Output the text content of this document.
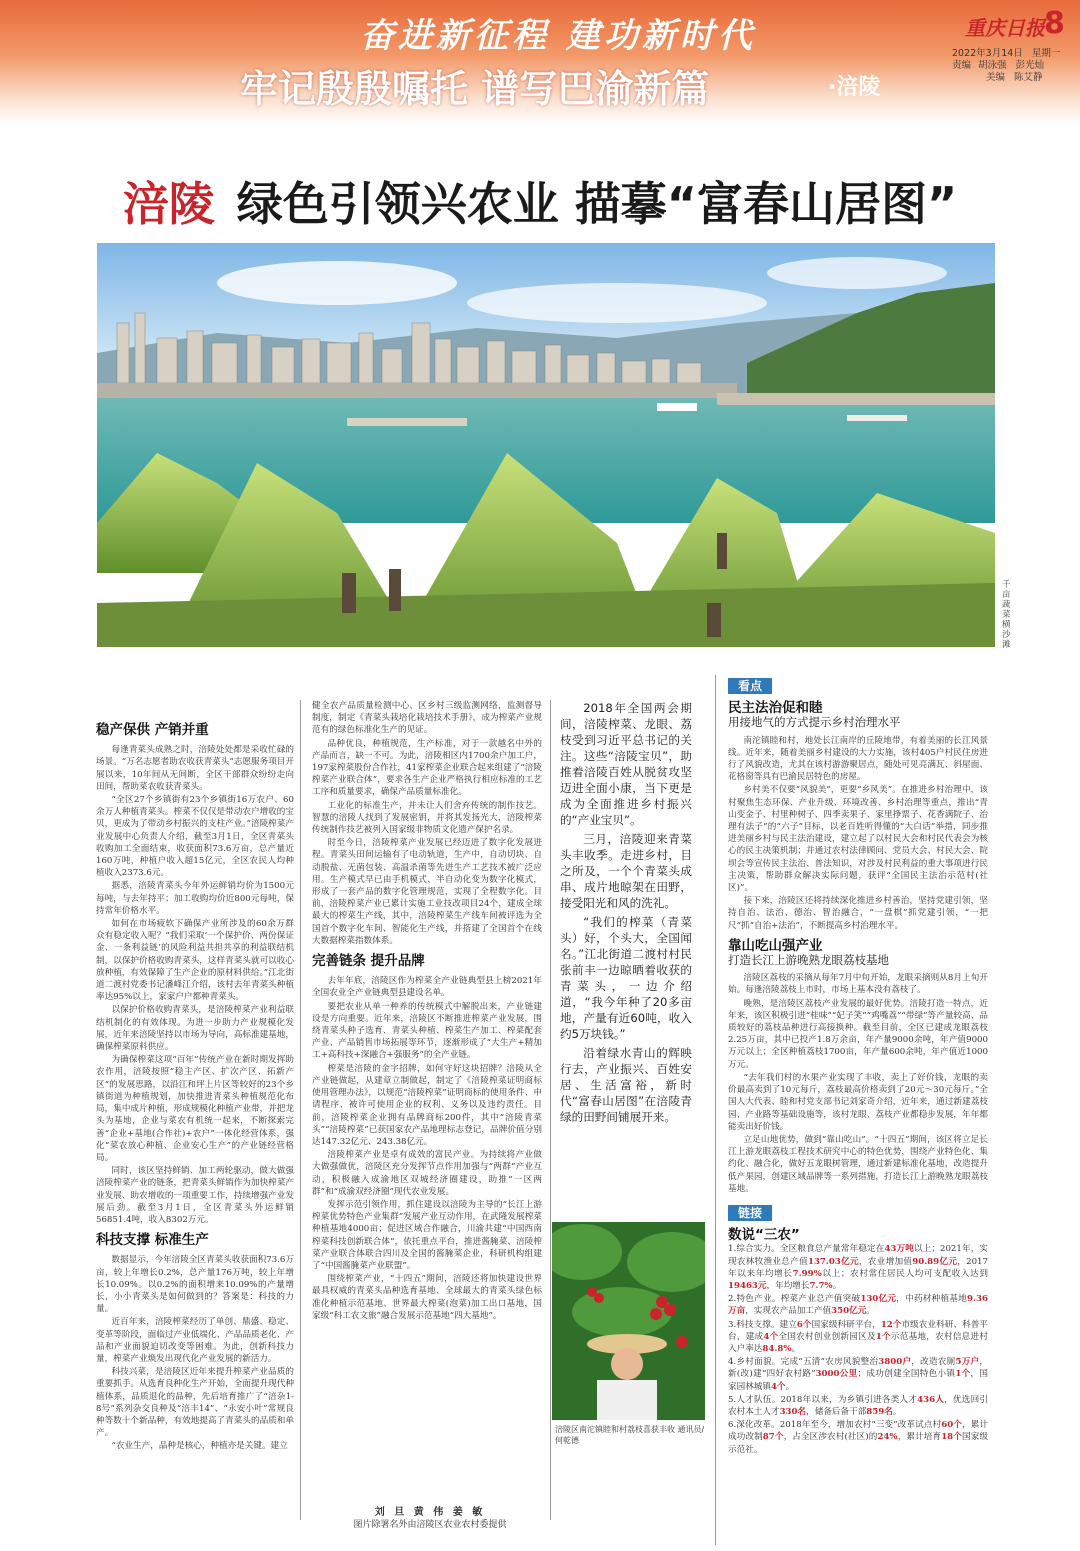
奋进新征程 建功新时代
牢记殷殷嘱托 谱写巴渝新篇	·涪陵
重庆日报 8
2022年3月14日 星期一
责编 胡泳强 彭光灿
美编 陈艾静
涪陵 绿色引领兴农业 描摹“富春山居图”
千亩蔬菜横沙滩
稳产保供 产销并重

每逢青菜头成熟之时，涪陵处处都是采收忙碌的场景。“万名志愿者助农收获青菜头”志愿服务项目开展以来，10年间从无间断，全区干部群众纷纷走向田间，帮助菜农收获青菜头。

“全区27个乡镇街有23个乡镇街16万农户、60余万人种植青菜头。榨菜不仅仅是带动农户增收的宝贝，更成为了带动乡村振兴的支柱产业。”涪陵榨菜产业发展中心负责人介绍，截至3月1日，全区青菜头收购加工全面结束，收获面积73.6万亩，总产量近160万吨，种植户收入超15亿元，全区农民人均种植收入2373.6元。

据悉，涪陵青菜头今年外运鲜销均价为1500元每吨，与去年持平；加工收购均价近800元每吨，保持常年价格水平。

如何在市场疲软下确保产业所涉及的60余万群众有稳定收入呢？“我们采取‘一个保护价、两份保证金、一条利益链’的风险利益共担共享的利益联结机制，以保护价格收购青菜头，这样青菜头就可以收心放种植，有效保障了生产企业的原材料供给。”江北街道二渡村党委书记潘峰江介绍，该村去年青菜头种植率达95%以上，家家户户都种青菜头。

以保护价格收购青菜头，是涪陵榨菜产业利益联结机制化的有效体现。为进一步助力产业规模化发展，近年来涪陵坚持以市场为导向，高标准建基地，确保榨菜原料供应。

为确保榨菜这项“百年”传统产业在新时期发挥助农作用，涪陵按照“稳主产区、扩次产区、拓新产区”的发展思路，以沿江和坪上片区等较好的23个乡镇街道为种植规划，加快推进青菜头种植规范化布局，集中成片种植，形成规模化种植产业带，并把龙头为基地，企业与菜农有机统一起来，不断探索完善“企业+基地(合作社)+农户”一体化经营体系，强化“菜农放心种植、企业安心生产”的产业链经营格局。

同时，该区坚持鲜销、加工两轮驱动，做大做强涪陵榨菜产业的链条，把青菜头鲜销作为加快榨菜产业发展、助农增收的一项重要工作，持续增强产业发展后劲。截至3月1日，全区青菜头外运鲜销56851.4吨，收入8302万元。

科技支撑 标准生产

数据显示，今年涪陵全区青菜头收获面积73.6万亩，较上年增长0.2%，总产量176万吨，较上年增长10.09%。以0.2%的面积增来10.09%的产量增长，小小青菜头是如何做到的？答案是：科技的力量。

近百年来，涪陵榨菜经历了单创、鼎盛、稳定、变革等阶段，面临过产业低端化、产品品质老化、产品和产业面貌迫切改变等困难。为此，创新科技力量，榨菜产业焕发出现代化产业发展的新活力。

科技兴菜，是涪陵区近年来提升榨菜产业品质的重要抓手。从选育良种化生产开始，全面提升现代种植体系，品质退化的品种，先后培育推广了“涪杂1-8号”系列杂交良种及“涪丰14”、“永安小叶”常规良种等数十个新品种，有效地提高了青菜头的品质和单产。

“农业生产，品种是核心，种植亦是关键。建立

健全农产品质量检测中心、区乡村三级监测网络，监测督导制度，制定《青菜头栽培化栽培技术手册》，成为榨菜产业规范有的绿色标准化生产的见证。

品种优良，种植规范，生产标准，对于一款越名中外的产品而言，缺一不可。为此，涪陵相区内1700余户加工户，197家榨菜股份合作社，41家榨菜企业联合起来组建了“涪陵榨菜产业联合体”，要求各生产企业严格执行相应标准的工艺工序和质量要求，确保产品质量标准化。

工业化的标准生产，并未让人们舍弃传统的制作技艺。智慧的涪陵人找到了发展密钥，并将其发扬光大，涪陵榨菜传统制作技艺被列入国家级非物质文化遗产保护名录。

时至今日，涪陵榨菜产业发展已经迈进了数字化发展进程。青菜头田间运输有了电动轨道，生产中，自动切块、自动脱盐、无菌包装、高温杀菌等先进生产工艺技术被广泛应用。生产模式早已由手机模式、半自动化变为数字化模式，形成了一套产品的数字化管理规范，实现了全程数字化。目前，涪陵榨菜产业已累计实施工业技改项目24个，建成全球最大的榨菜生产线，其中，涪陵榨菜生产线车间被评选为全国首个数字化车间、智能化生产线，并搭建了全国首个在线大数据榨菜指数体系。

完善链条 提升品牌

去年年底，涪陵区作为榨菜全产业链典型县上榜2021年全国农业全产业链典型县建设名单。

要把农业从单一种养的传统模式中解脱出来，产业链建设是方向重要。近年来，涪陵区不断推进榨菜产业发展，围绕青菜头种子选育、青菜头种植、榨菜生产加工、榨菜配套产业、产品销售市场拓展等环节，逐渐形成了“大生产+精加工+高科技+深融合+强服务”的全产业链。

榨菜是涪陵的金字招牌，如何守好这块招牌？涪陵从全产业链做起，从建章立制做起，制定了《涪陵榨菜证明商标使用管理办法》，以规范“涪陵榨菜”证明商标的使用条件、申请程序、被许可使用企业的权利、义务以及违约责任。目前，涪陵榨菜企业拥有品牌商标200件，其中“涪陵青菜头”“涪陵榨菜”已获国家农产品地理标志登记，品牌价值分别达147.32亿元、243.38亿元。

涪陵榨菜产业是卓有成效的富民产业。为持续将产业做大做强做优，涪陵区充分发挥节点作用加强与“两群”产业互动，积极融入成渝地区双城经济圈建设，助推“一区两群”和“成渝双经济圈”现代农业发展。

发挥示范引领作用，抓住建设以涪陵为主导的“长江上游榨菜优势特色产业集群”发展产业互动作用，在武隆发展榨菜种植基地4000亩；促进区域合作融合，川渝共建“中国西南榨菜科技创新联合体”，依托重点平台，推进酱腌菜、涪陵榨菜产业联合体联合四川及全国的酱腌菜企业，科研机构组建了“中国酱腌菜产业联盟”。

围绕榨菜产业，“十四五”期间，涪陵还将加快建设世界最具权威的青菜头品种选育基地、全球最大的青菜头绿色标准化种植示范基地、世界最大榨菜(泡菜)加工出口基地，国家级“科工农文旅”融合发展示范基地“四大基地”。

2018年全国两会期间，涪陵榨菜、龙眼、荔枝受到习近平总书记的关注。这些“涪陵宝贝”，助推着涪陵百姓从脱贫攻坚迈进全面小康，当下更是成为全面推进乡村振兴的“产业宝贝”。

三月，涪陵迎来青菜头丰收季。走进乡村，目之所及，一个个青菜头成串、成片地晾架在田野，接受阳光和风的洗礼。

“我们的榨菜（青菜头）好，个头大，全国闻名。”江北街道二渡村村民张前丰一边晾晒着收获的青菜头，一边介绍道，“我今年种了20多亩地，产量有近60吨，收入约5万块钱。”

沿着绿水青山的辉映行去，产业振兴、百姓安居、生活富裕，新时代“富春山居图”在涪陵青绿的田野间铺展开来。

涪陵区南沱镇睦和村荔枝喜获丰收 通讯员/何乾德
刘 旦 黄 伟 姜 敏
图片除署名外由涪陵区农业农村委提供
看点
民主法治促和睦
用接地气的方式提示乡村治理水平

南沱镇睦和村，地处长江南岸的丘陵地带，有着美丽的长江风景线。近年来，随着美丽乡村建设的大力实施，该村405户村民住房进行了风貌改造，尤其在该村游游聚居点，随处可见亮满瓦、斜屋面、花格窗等具有巴渝民居特色的房屋。

乡村美不仅要“风貌美”，更要“乡风美”。在推进乡村治理中，该村聚焦生态环保、产业升级、环境改善、乡村治理等重点，推出“青山变金子、村里种树子、四季卖果子、家里挣票子、花香满院子、治理有法子”的“六子”目标，以老百姓听得懂的“大白话”举措，同步推进美丽乡村与民主法治建设，建立起了以村民大会和村民代表会为核心的民主决策机制；并通过农村法律顾问、党员大会、村民大会、院坝会等宣传民主法治、普法知识，对涉及村民利益的重大事项进行民主决策，帮助群众解决实际问题，获评“全国民主法治示范村(社区)”。

接下来，涪陵区还将持续深化推进乡村善治，坚持党建引领，坚持自治、法治、德治、智治融合，“一盘棋”抓党建引领，“一把尺”抓“自治+法治”，不断提高乡村治理水平。

靠山吃山强产业
打造长江上游晚熟龙眼荔枝基地

涪陵区荔枝的采摘从每年7月中旬开始，龙眼采摘则从8月上旬开始。每逢涪陵荔枝上市时，市场上基本没有荔枝了。

晚熟，是涪陵区荔枝产业发展的最好优势。涪陵打造一特点，近年来，该区积极引进“桂味”“妃子笑”“鸡嘴荔”“带绿”等产量较高、品质较好的荔枝品种进行高接换种。截至目前，全区已建成龙眼荔枝2.25万亩，其中已投产1.8万余亩，年产量9000余吨，年产值9000万元以上；全区种植荔枝1700亩，年产量600余吨，年产值近1000万元。

“去年我们村的水果产业实现了丰收，卖上了好价钱，龙眼的卖价最高卖到了10元每斤，荔枝最高价格卖到了20元～30元每斤。”全国人大代表、睦和村党支部书记刘家奇介绍，近年来，通过新建荔枝园、产业路等基础设施等，该村龙眼、荔枝产业都稳步发展，年年都能卖出好价钱。

立足山地优势，做到“靠山吃山”。“十四五”期间，该区将立足长江上游龙眼荔枝工程技术研究中心的特色优势，围绕产业特色化、集约化、融合化，做好五龙眼树管理，通过新建标准化基地，改造提升低产果园，创建区域品牌等一系列措施，打造长江上游晚熟龙眼荔枝基地。

链接
数说“三农”

1.综合实力。全区粮食总产量常年稳定在43万吨以上；2021年，实现农林牧渔业总产值137.03亿元，农业增加值90.89亿元，2017年以来年均增长7.99%以上；农村常住居民人均可支配收入达到19463元，年均增长7.7%。

2.特色产业。榨菜产业总产值突破130亿元，中药材种植基地9.36万亩，实现农产品加工产值350亿元。

3.科技支撑。建立6个国家级科研平台，12个市级农业科研、科普平台，建成4个全国农村创业创新园区及1个示范基地，农村信息进村入户率达84.8%。

4.乡村面貌。完成“五清”农房风貌整治3800户，改造农厕5万户，新(改)建“四好农村路”3000公里；成功创建全国特色小镇1个，国家园林城镇4个。

5.人才队伍。2018年以来，为乡镇引进各类人才436人，优选回引农村本土人才330名，储备后备干部859名。

6.深化改革。2018年至今，增加农村“三变”改革试点村60个，累计成功改制87个，占全区涉农村(社区)的24%，累计培育18个国家级示范社。
